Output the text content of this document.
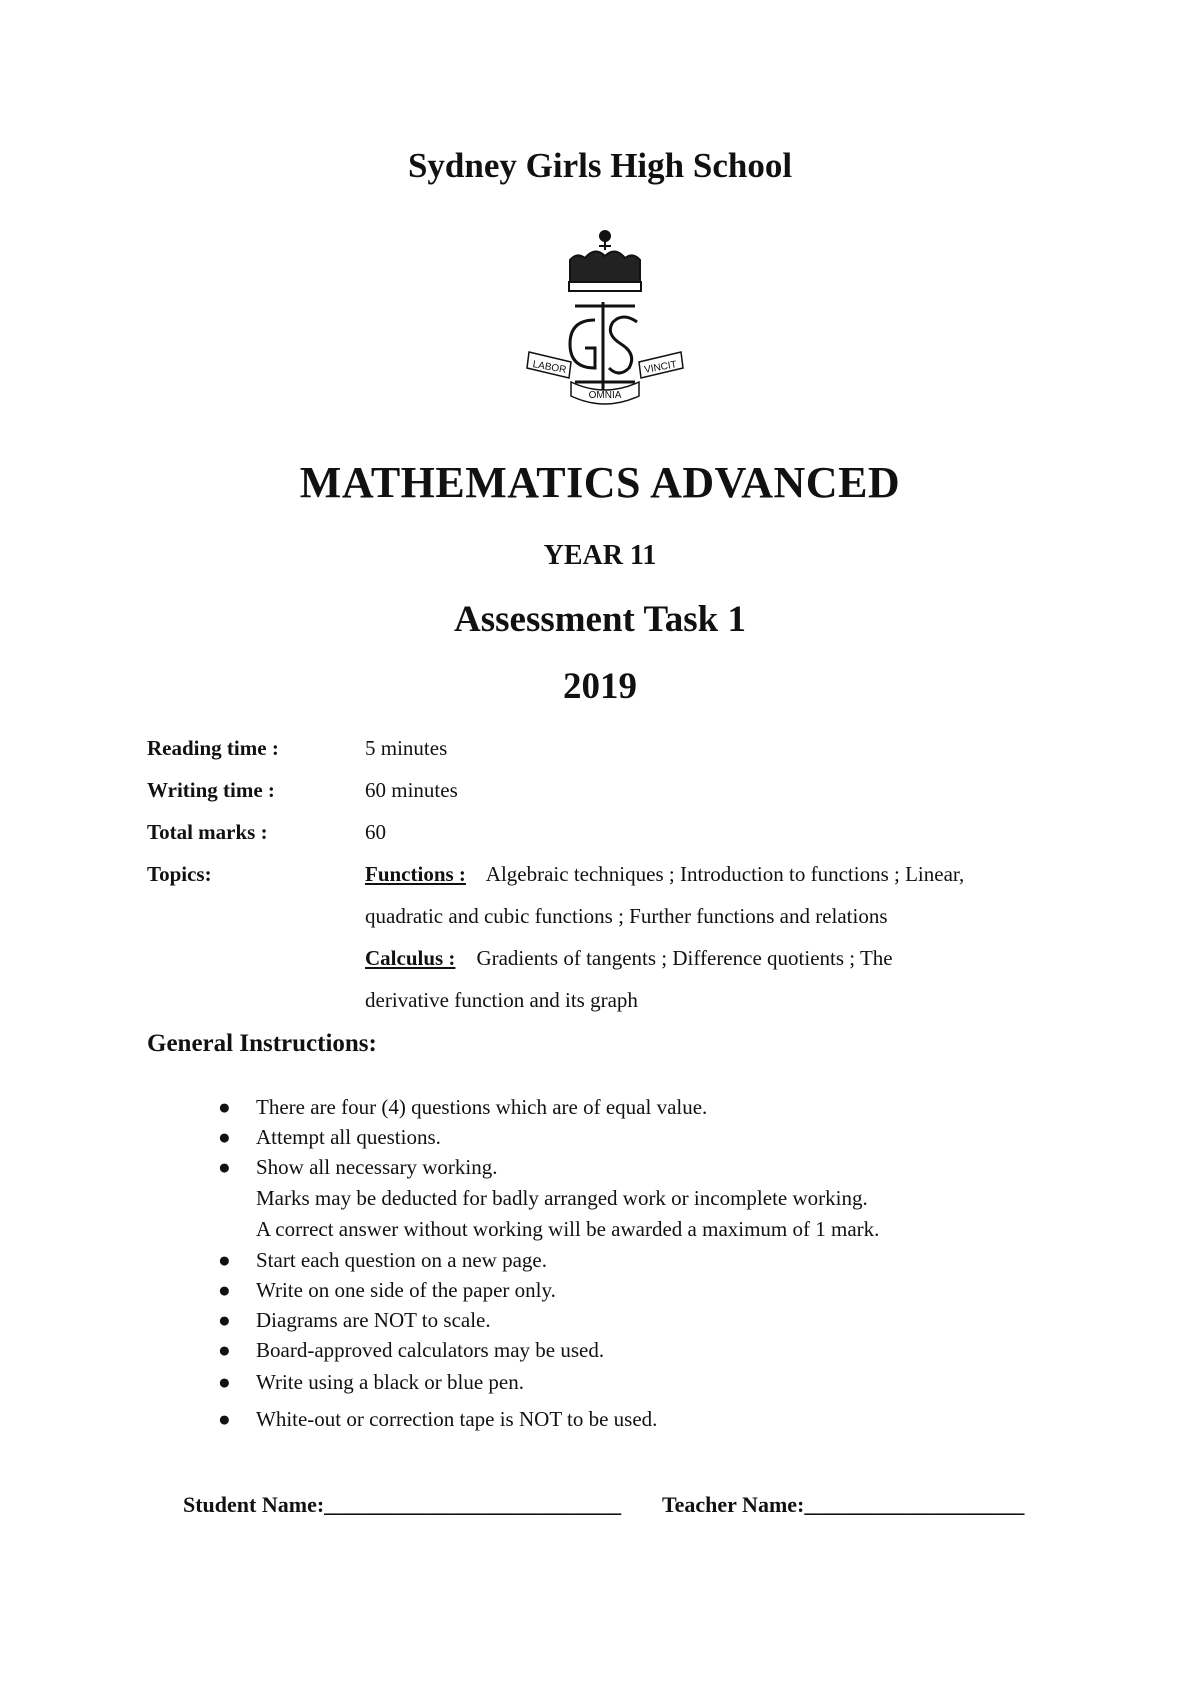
Sydney Girls High School
LABOR
OMNIA
VINCIT
MATHEMATICS ADVANCED
YEAR 11
Assessment Task 1
2019
Reading time :	5 minutes
Writing time :	60 minutes
Total marks :	60
Topics:	Functions : Algebraic techniques ; Introduction to functions ; Linear,
quadratic and cubic functions ; Further functions and relations
Calculus : Gradients of tangents ; Difference quotients ; The
derivative function and its graph
General Instructions:
● There are four (4) questions which are of equal value.
● Attempt all questions.
● Show all necessary working.
Marks may be deducted for badly arranged work or incomplete working.
A correct answer without working will be awarded a maximum of 1 mark.
● Start each question on a new page.
● Write on one side of the paper only.
● Diagrams are NOT to scale.
● Board-approved calculators may be used.
● Write using a black or blue pen.
● White-out or correction tape is NOT to be used.
Student Name:___________________________ Teacher Name:____________________
